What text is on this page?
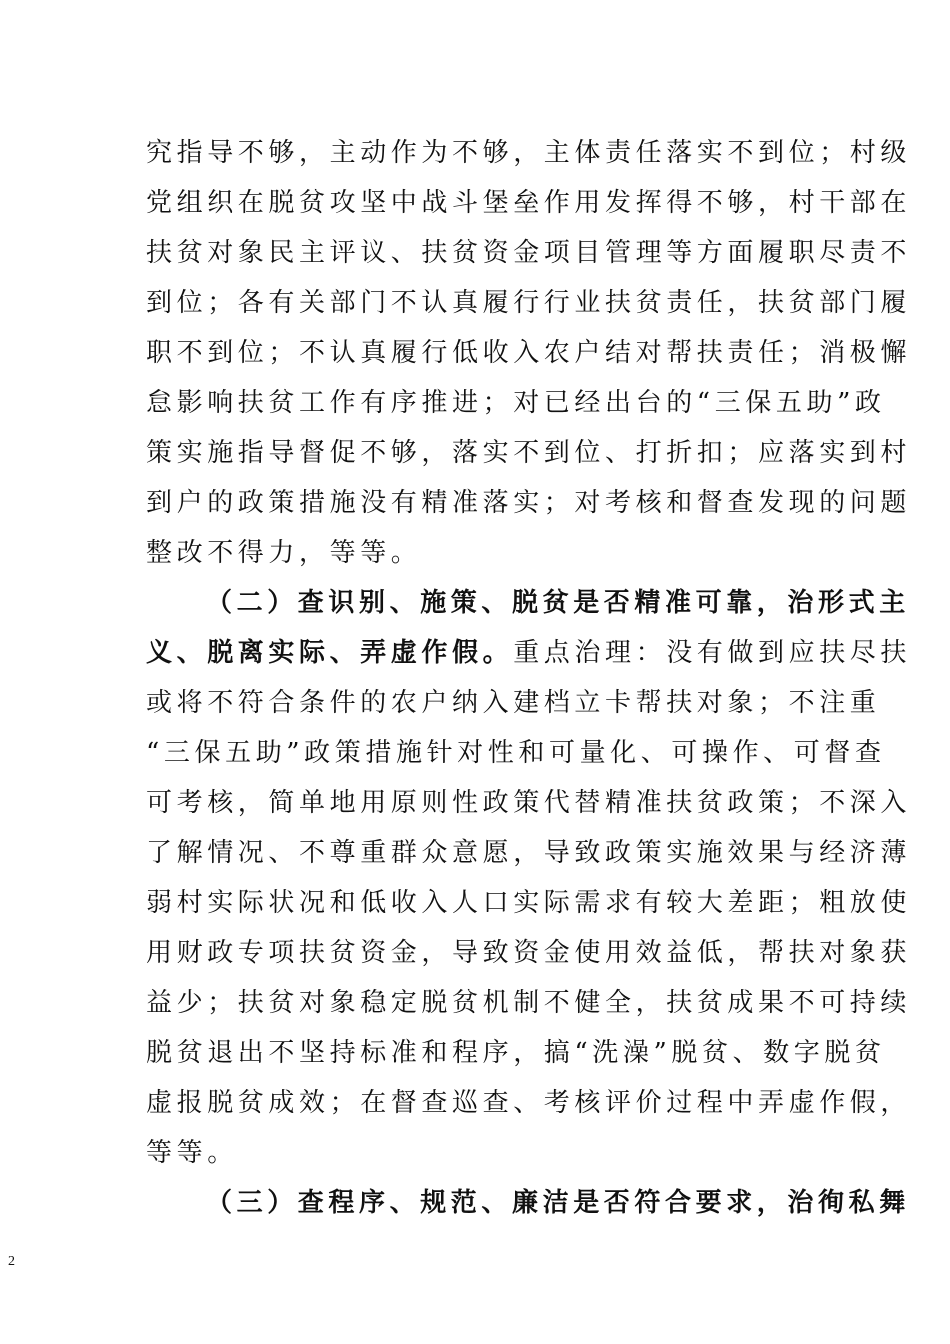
究指导不够，主动作为不够，主体责任落实不到位；村级
党组织在脱贫攻坚中战斗堡垒作用发挥得不够，村干部在
扶贫对象民主评议、扶贫资金项目管理等方面履职尽责不
到位；各有关部门不认真履行行业扶贫责任，扶贫部门履
职不到位；不认真履行低收入农户结对帮扶责任；消极懈
怠影响扶贫工作有序推进；对已经出台的“三保五助”政
策实施指导督促不够，落实不到位、打折扣；应落实到村
到户的政策措施没有精准落实；对考核和督查发现的问题
整改不得力，等等。
（二）查识别、施策、脱贫是否精准可靠，治形式主
义、脱离实际、弄虚作假。重点治理：没有做到应扶尽扶
或将不符合条件的农户纳入建档立卡帮扶对象；不注重
“三保五助”政策措施针对性和可量化、可操作、可督查
可考核，简单地用原则性政策代替精准扶贫政策；不深入
了解情况、不尊重群众意愿，导致政策实施效果与经济薄
弱村实际状况和低收入人口实际需求有较大差距；粗放使
用财政专项扶贫资金，导致资金使用效益低，帮扶对象获
益少；扶贫对象稳定脱贫机制不健全，扶贫成果不可持续
脱贫退出不坚持标准和程序，搞“洗澡”脱贫、数字脱贫
虚报脱贫成效；在督查巡查、考核评价过程中弄虚作假，
等等。
（三）查程序、规范、廉洁是否符合要求，治徇私舞
2
